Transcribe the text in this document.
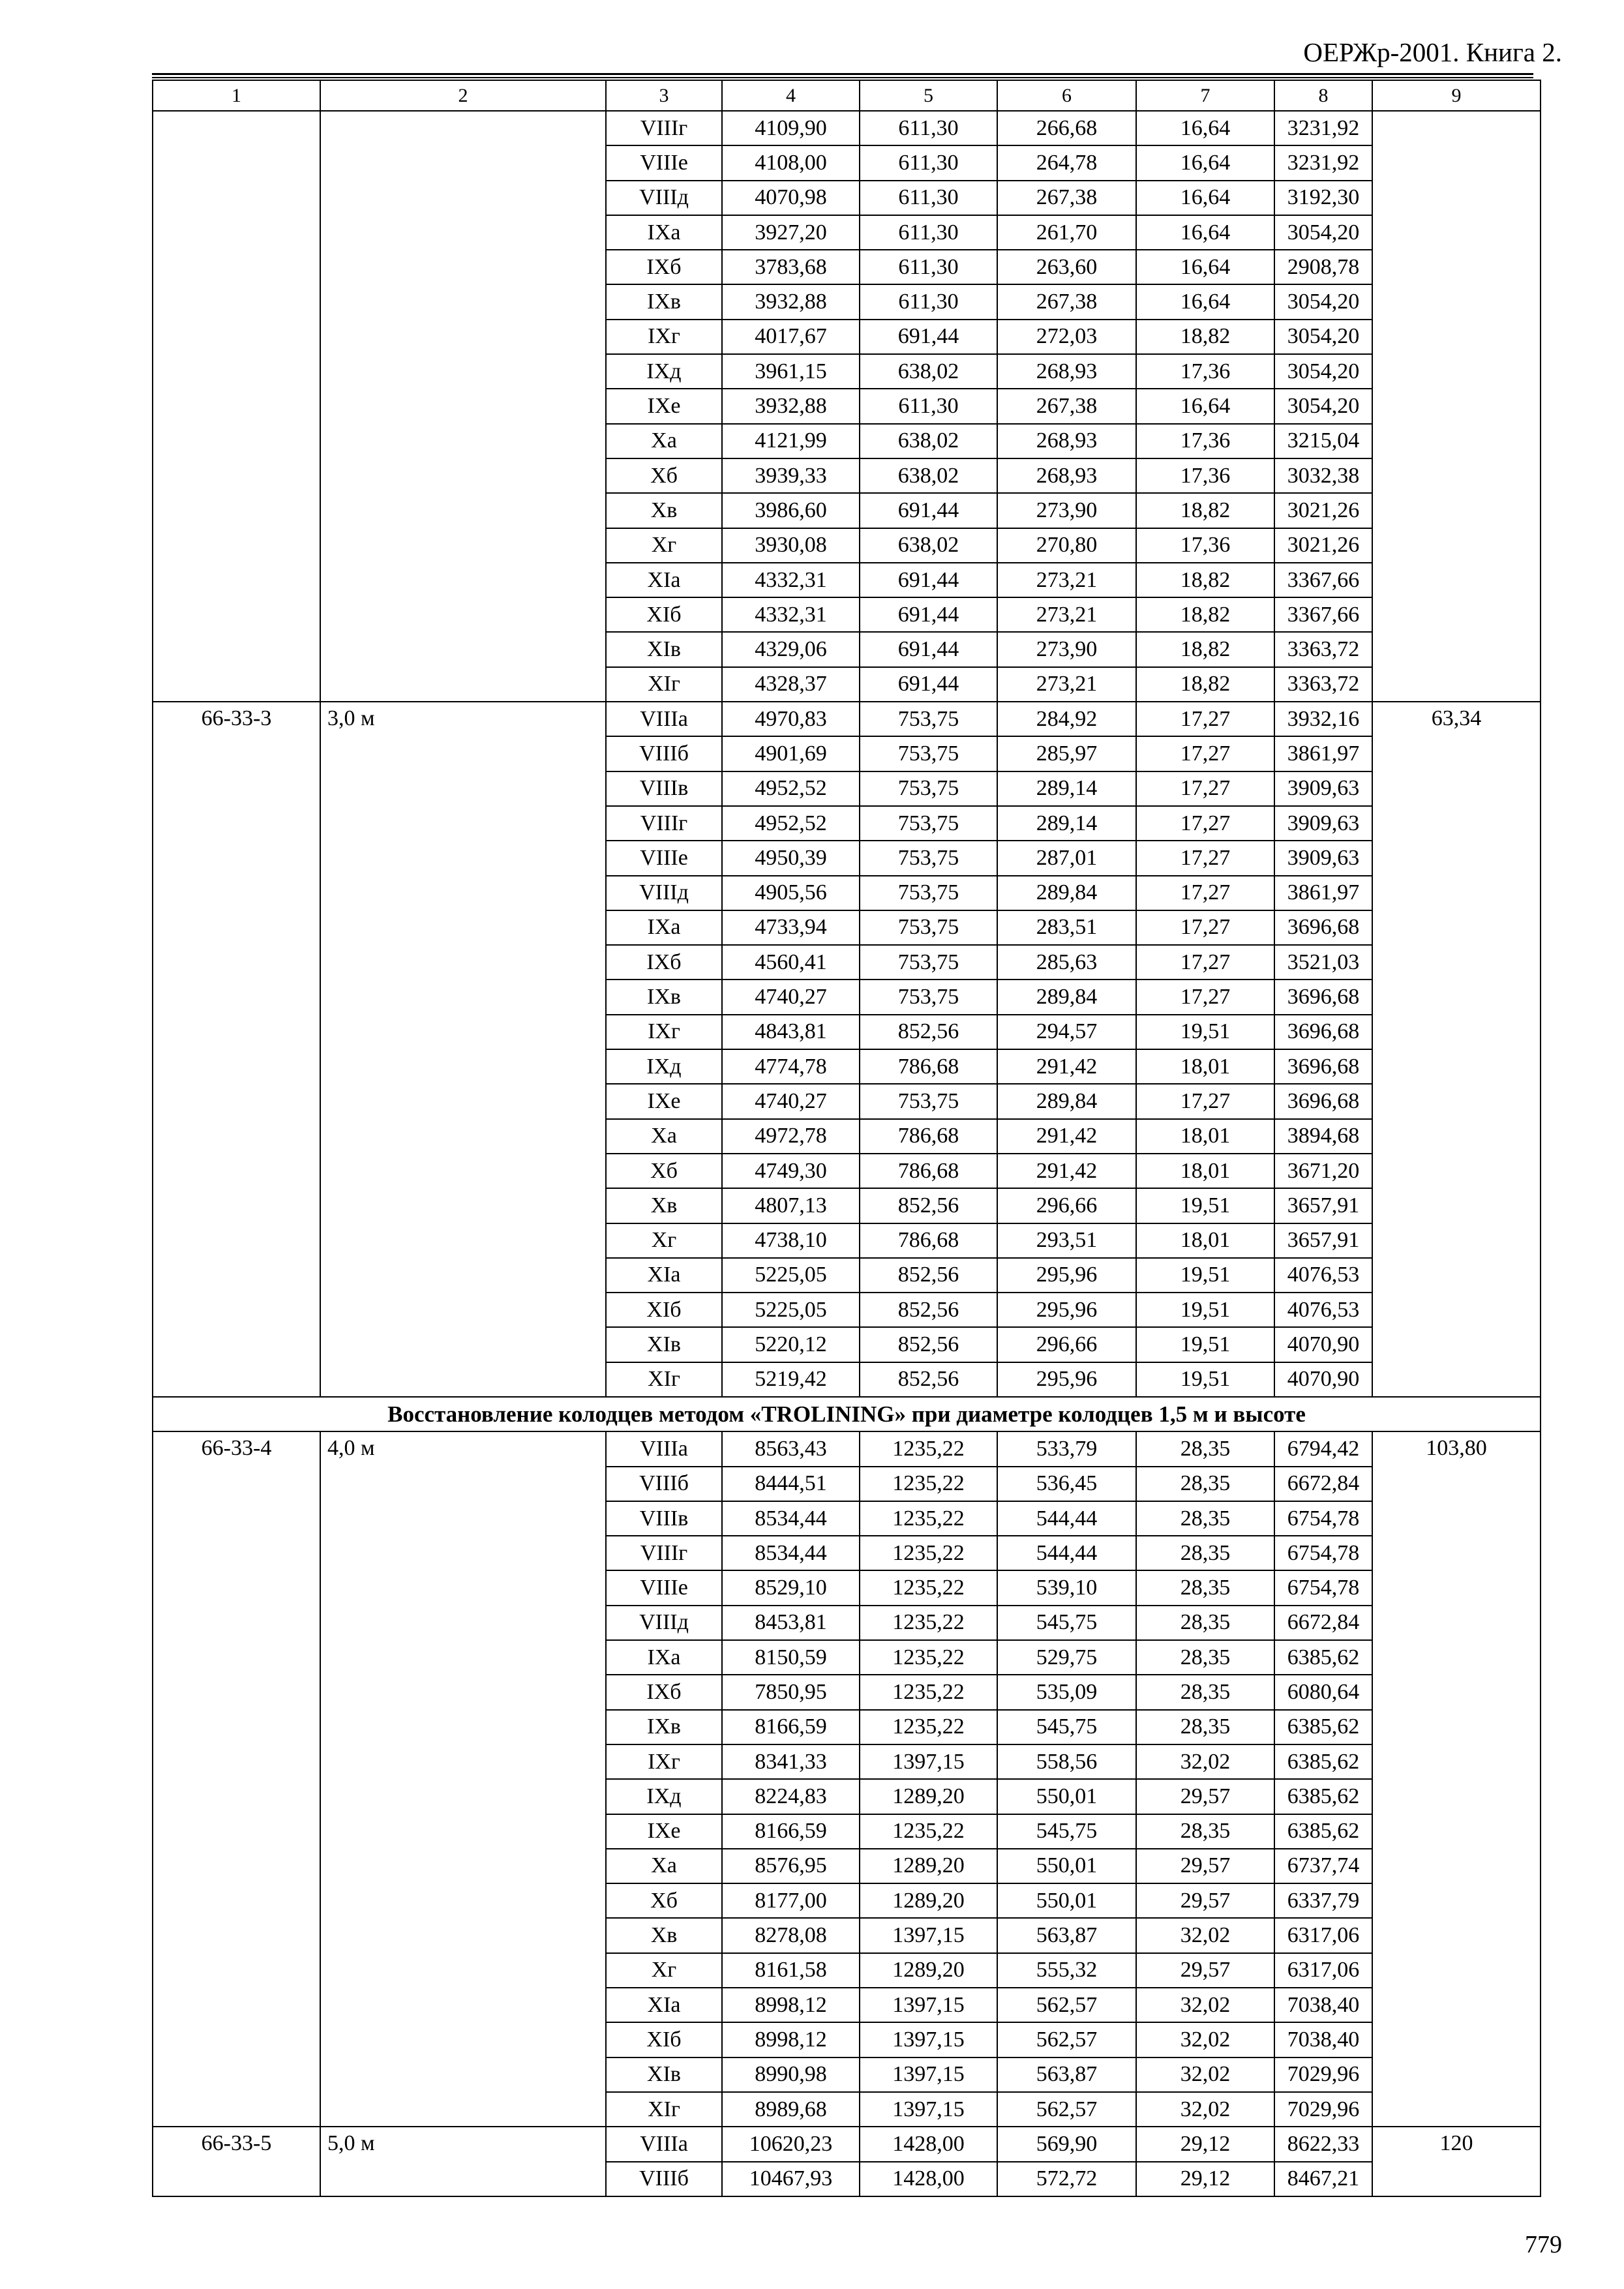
ОЕРЖр-2001. Книга 2.
1	2	3	4	5	6	7	8	9
		VIIIг	4109,90	611,30	266,68	16,64	3231,92	
		VIIIе	4108,00	611,30	264,78	16,64	3231,92	
		VIIIд	4070,98	611,30	267,38	16,64	3192,30	
		IXа	3927,20	611,30	261,70	16,64	3054,20	
		IXб	3783,68	611,30	263,60	16,64	2908,78	
		IXв	3932,88	611,30	267,38	16,64	3054,20	
		IXг	4017,67	691,44	272,03	18,82	3054,20	
		IXд	3961,15	638,02	268,93	17,36	3054,20	
		IXе	3932,88	611,30	267,38	16,64	3054,20	
		Xа	4121,99	638,02	268,93	17,36	3215,04	
		Xб	3939,33	638,02	268,93	17,36	3032,38	
		Xв	3986,60	691,44	273,90	18,82	3021,26	
		Xг	3930,08	638,02	270,80	17,36	3021,26	
		XIа	4332,31	691,44	273,21	18,82	3367,66	
		XIб	4332,31	691,44	273,21	18,82	3367,66	
		XIв	4329,06	691,44	273,90	18,82	3363,72	
		XIг	4328,37	691,44	273,21	18,82	3363,72	
66-33-3	3,0 м	VIIIа	4970,83	753,75	284,92	17,27	3932,16	63,34
		VIIIб	4901,69	753,75	285,97	17,27	3861,97	
		VIIIв	4952,52	753,75	289,14	17,27	3909,63	
		VIIIг	4952,52	753,75	289,14	17,27	3909,63	
		VIIIе	4950,39	753,75	287,01	17,27	3909,63	
		VIIIд	4905,56	753,75	289,84	17,27	3861,97	
		IXа	4733,94	753,75	283,51	17,27	3696,68	
		IXб	4560,41	753,75	285,63	17,27	3521,03	
		IXв	4740,27	753,75	289,84	17,27	3696,68	
		IXг	4843,81	852,56	294,57	19,51	3696,68	
		IXд	4774,78	786,68	291,42	18,01	3696,68	
		IXе	4740,27	753,75	289,84	17,27	3696,68	
		Xа	4972,78	786,68	291,42	18,01	3894,68	
		Xб	4749,30	786,68	291,42	18,01	3671,20	
		Xв	4807,13	852,56	296,66	19,51	3657,91	
		Xг	4738,10	786,68	293,51	18,01	3657,91	
		XIа	5225,05	852,56	295,96	19,51	4076,53	
		XIб	5225,05	852,56	295,96	19,51	4076,53	
		XIв	5220,12	852,56	296,66	19,51	4070,90	
		XIг	5219,42	852,56	295,96	19,51	4070,90	
Восстановление колодцев методом «TROLINING» при диаметре колодцев 1,5 м и высоте								
66-33-4	4,0 м	VIIIа	8563,43	1235,22	533,79	28,35	6794,42	103,80
		VIIIб	8444,51	1235,22	536,45	28,35	6672,84	
		VIIIв	8534,44	1235,22	544,44	28,35	6754,78	
		VIIIг	8534,44	1235,22	544,44	28,35	6754,78	
		VIIIе	8529,10	1235,22	539,10	28,35	6754,78	
		VIIIд	8453,81	1235,22	545,75	28,35	6672,84	
		IXа	8150,59	1235,22	529,75	28,35	6385,62	
		IXб	7850,95	1235,22	535,09	28,35	6080,64	
		IXв	8166,59	1235,22	545,75	28,35	6385,62	
		IXг	8341,33	1397,15	558,56	32,02	6385,62	
		IXд	8224,83	1289,20	550,01	29,57	6385,62	
		IXе	8166,59	1235,22	545,75	28,35	6385,62	
		Xа	8576,95	1289,20	550,01	29,57	6737,74	
		Xб	8177,00	1289,20	550,01	29,57	6337,79	
		Xв	8278,08	1397,15	563,87	32,02	6317,06	
		Xг	8161,58	1289,20	555,32	29,57	6317,06	
		XIа	8998,12	1397,15	562,57	32,02	7038,40	
		XIб	8998,12	1397,15	562,57	32,02	7038,40	
		XIв	8990,98	1397,15	563,87	32,02	7029,96	
		XIг	8989,68	1397,15	562,57	32,02	7029,96	
66-33-5	5,0 м	VIIIа	10620,23	1428,00	569,90	29,12	8622,33	120
		VIIIб	10467,93	1428,00	572,72	29,12	8467,21	
779
